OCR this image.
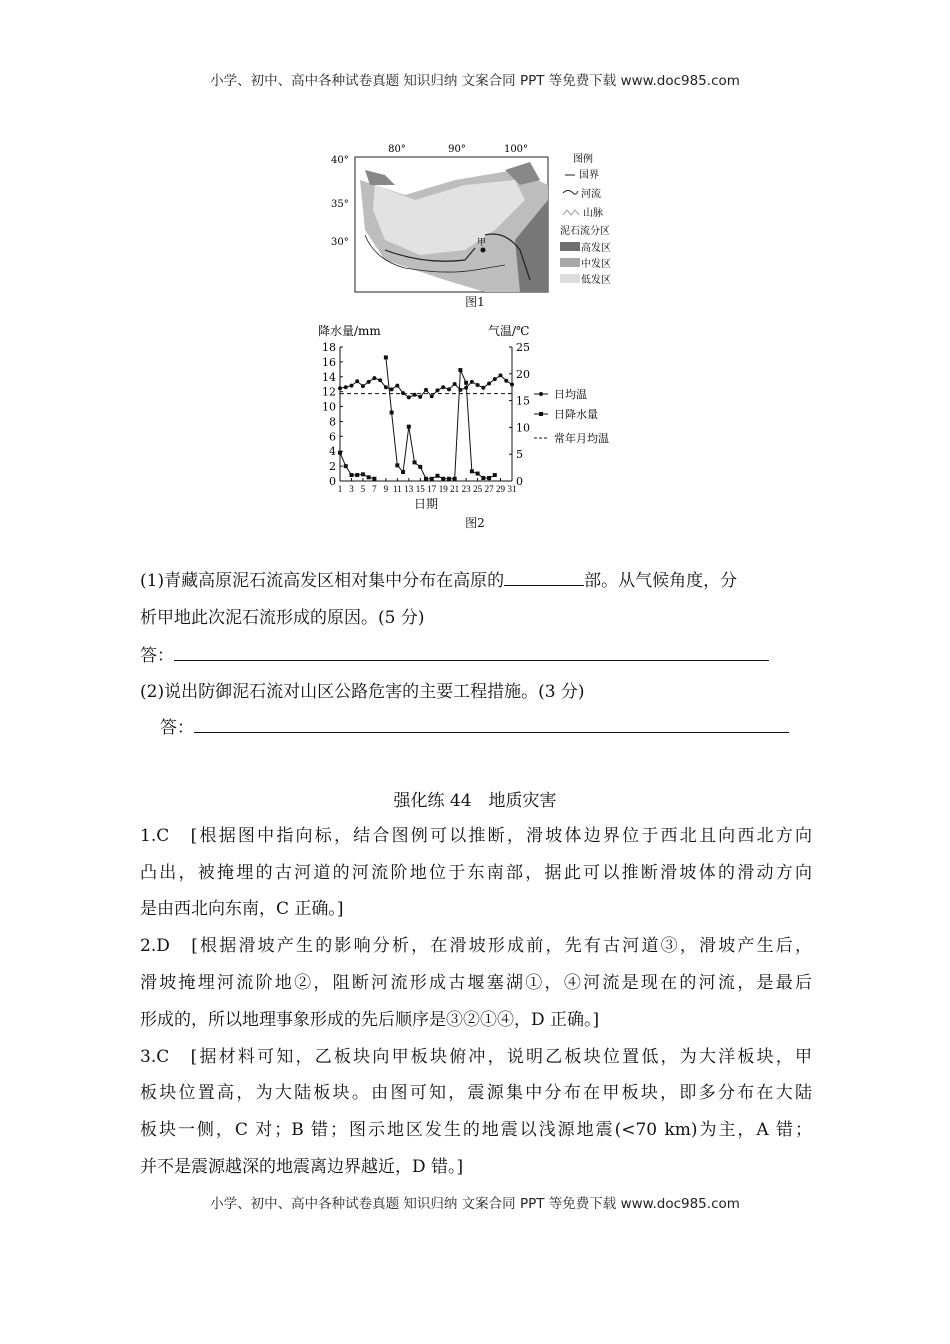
小学、初中、高中各种试卷真题 知识归纳 文案合同 PPT 等免费下载 www.doc985.com
80°	90°	100°
40°
35°
30°	甲
图例
国界
河流
山脉
泥石流分区
高发区
中发区
低发区
图1
降水量/mm	气温/℃
日期
0
2
4
6
8
10
12
14
16
18
0
5
10
15
20
25
1 3 5 7 9 11 13 15 17 19 21 23 25 27 29 31
日均温
日降水量
常年月均温
图2
(1)青藏高原泥石流高发区相对集中分布在高原的	部。从气候角度，分
析甲地此次泥石流形成的原因。(5 分)
答：
(2)说出防御泥石流对山区公路危害的主要工程措施。(3 分)
答：
强化练 44　地质灾害
1.C　[根据图中指向标，结合图例可以推断，滑坡体边界位于西北且向西北方向
凸出，被掩埋的古河道的河流阶地位于东南部，据此可以推断滑坡体的滑动方向
是由西北向东南，C 正确。]
2.D　[根据滑坡产生的影响分析，在滑坡形成前，先有古河道③，滑坡产生后，
滑坡掩埋河流阶地②，阻断河流形成古堰塞湖①，④河流是现在的河流，是最后
形成的，所以地理事象形成的先后顺序是③②①④，D 正确。]
3.C　[据材料可知，乙板块向甲板块俯冲，说明乙板块位置低，为大洋板块，甲
板块位置高，为大陆板块。由图可知，震源集中分布在甲板块，即多分布在大陆
板块一侧，C 对；B 错；图示地区发生的地震以浅源地震(<70 km)为主，A 错；
并不是震源越深的地震离边界越近，D 错。]
小学、初中、高中各种试卷真题 知识归纳 文案合同 PPT 等免费下载 www.doc985.com
